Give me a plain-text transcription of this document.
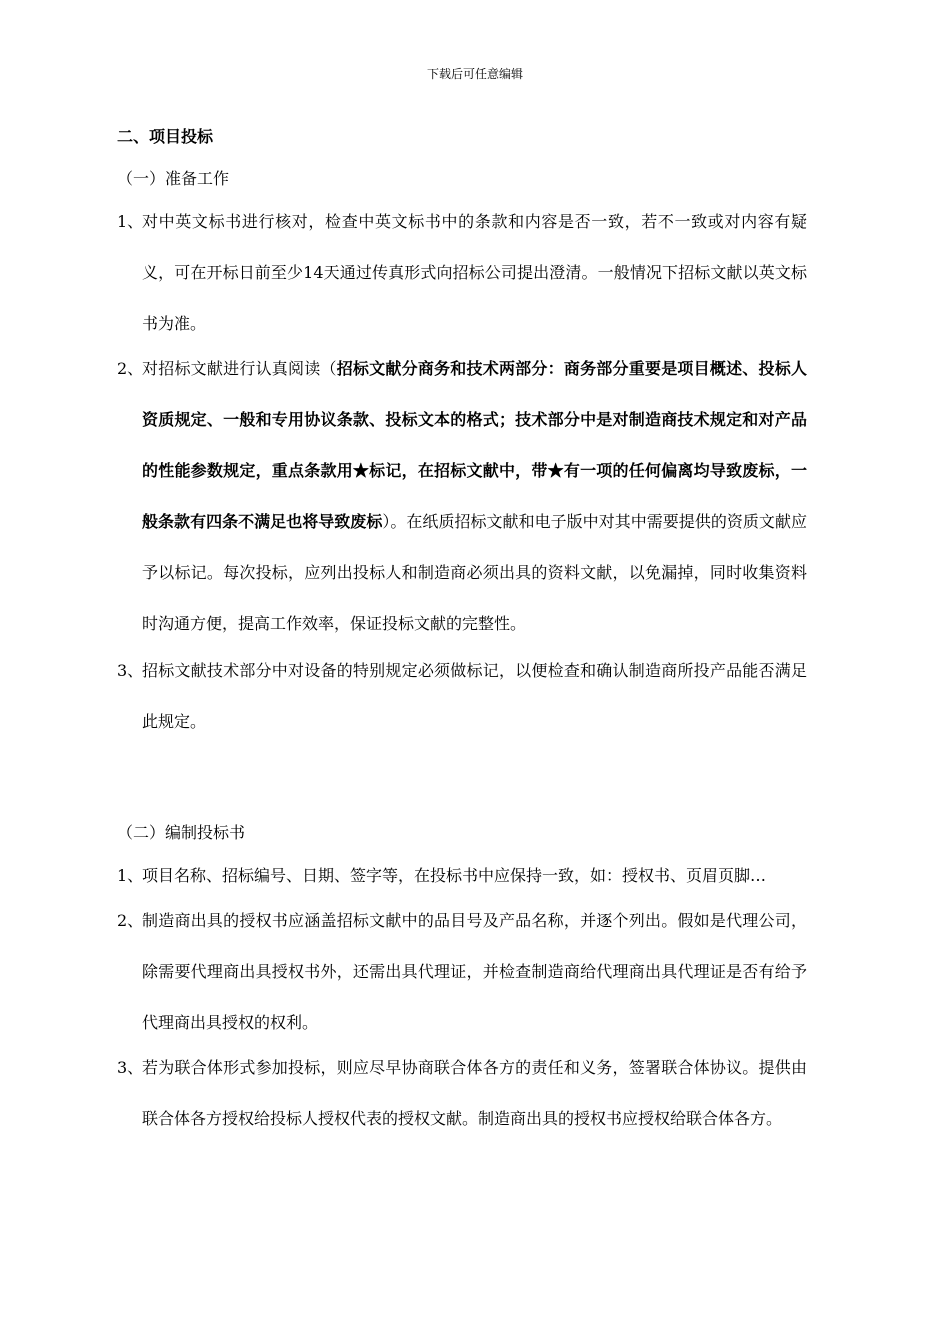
下载后可任意编辑
二、项目投标
（一）准备工作
1、
对中英文标书进行核对，检查中英文标书中的条款和内容是否一致，若不一致或对内容有疑义，可在开标日前至少14天通过传真形式向招标公司提出澄清。一般情况下招标文献以英文标书为准。
2、
对招标文献进行认真阅读（招标文献分商务和技术两部分：商务部分重要是项目概述、投标人资质规定、一般和专用协议条款、投标文本的格式；技术部分中是对制造商技术规定和对产品的性能参数规定，重点条款用★标记，在招标文献中，带★有一项的任何偏离均导致废标，一般条款有四条不满足也将导致废标）。在纸质招标文献和电子版中对其中需要提供的资质文献应予以标记。每次投标，应列出投标人和制造商必须出具的资料文献，以免漏掉，同时收集资料时沟通方便，提高工作效率，保证投标文献的完整性。
3、
招标文献技术部分中对设备的特别规定必须做标记，以便检查和确认制造商所投产品能否满足此规定。
（二）编制投标书
1、
项目名称、招标编号、日期、签字等，在投标书中应保持一致，如：授权书、页眉页脚…
2、
制造商出具的授权书应涵盖招标文献中的品目号及产品名称，并逐个列出。假如是代理公司，除需要代理商出具授权书外，还需出具代理证，并检查制造商给代理商出具代理证是否有给予代理商出具授权的权利。
3、
若为联合体形式参加投标，则应尽早协商联合体各方的责任和义务，签署联合体协议。提供由联合体各方授权给投标人授权代表的授权文献。制造商出具的授权书应授权给联合体各方。
